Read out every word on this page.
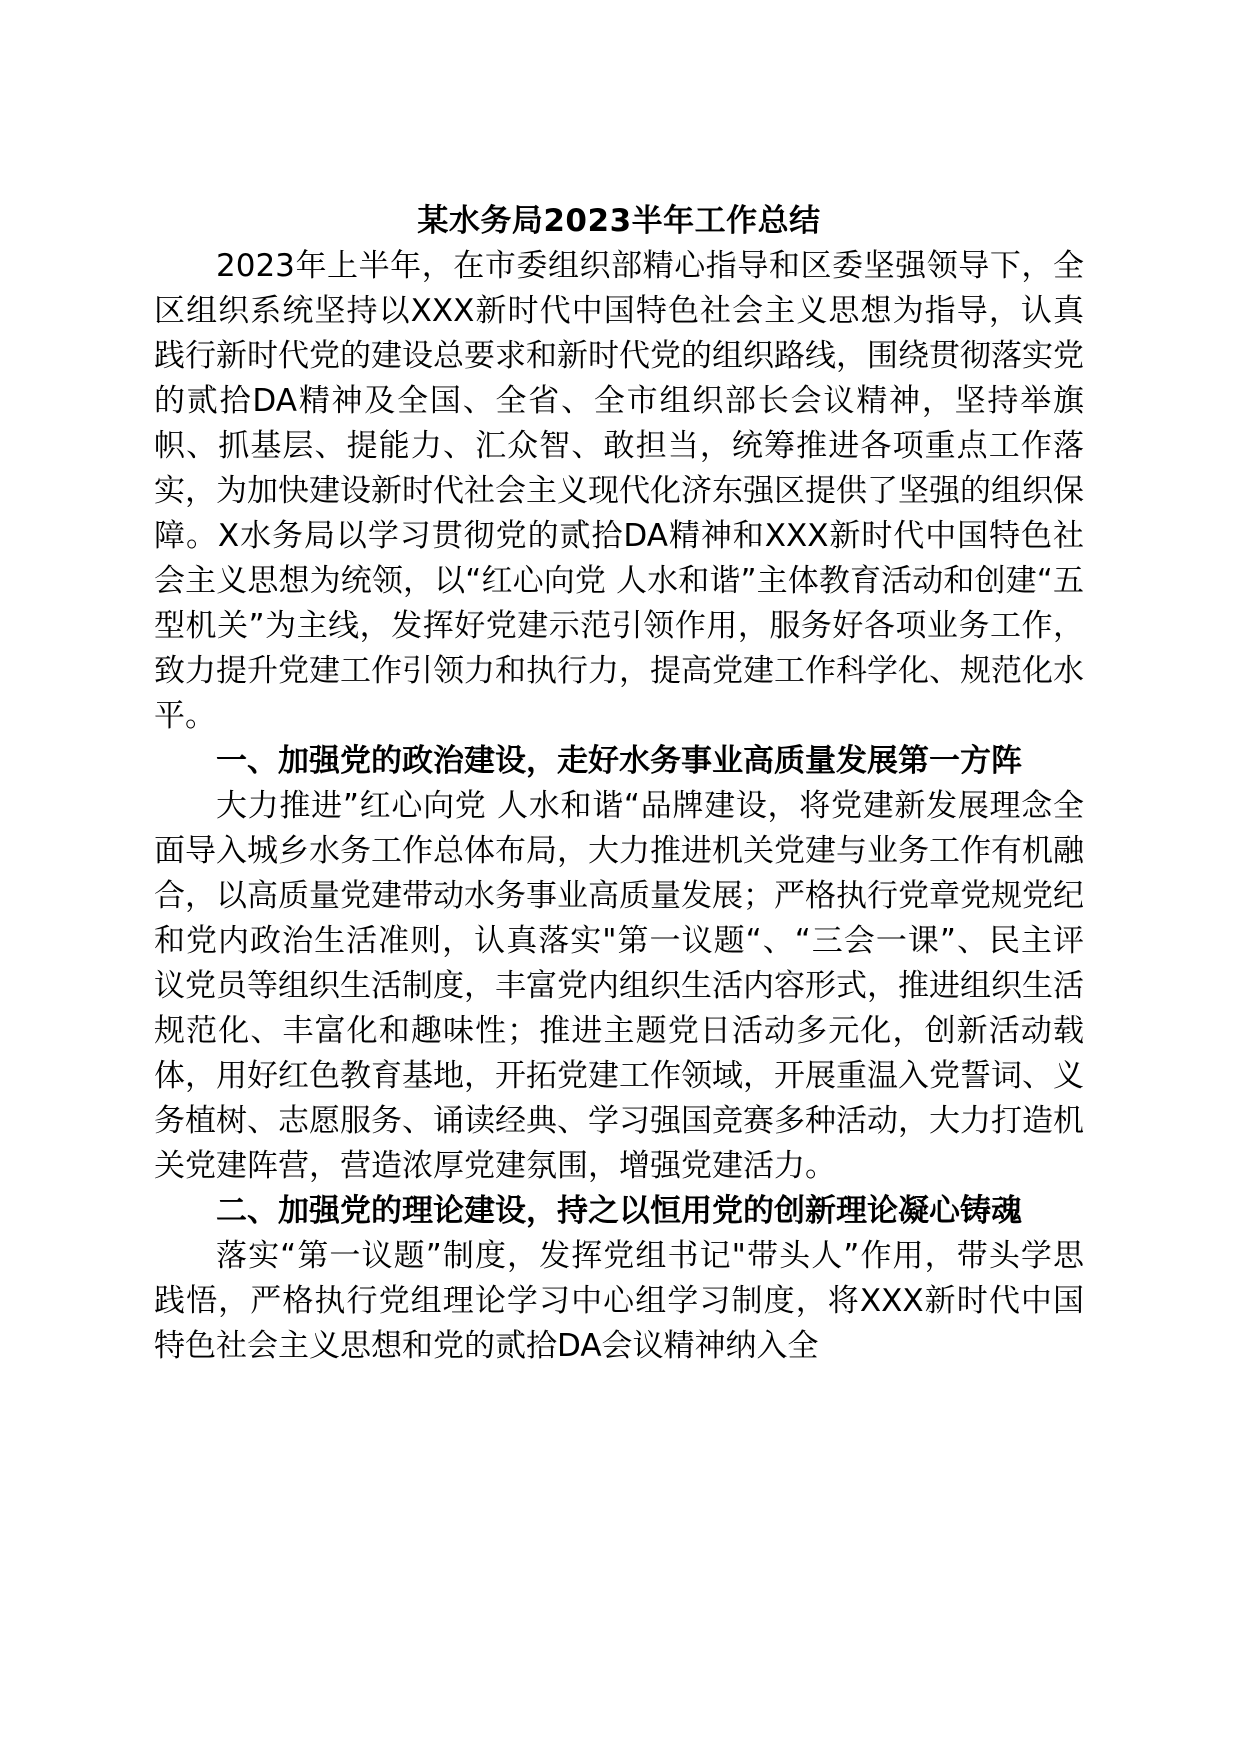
某水务局2023半年工作总结

2023年上半年，在市委组织部精心指导和区委坚强领导下，全区组织系统坚持以XXX新时代中国特色社会主义思想为指导，认真践行新时代党的建设总要求和新时代党的组织路线，围绕贯彻落实党的贰拾DA精神及全国、全省、全市组织部长会议精神，坚持举旗帜、抓基层、提能力、汇众智、敢担当，统筹推进各项重点工作落实，为加快建设新时代社会主义现代化济东强区提供了坚强的组织保障。X水务局以学习贯彻党的贰拾DA精神和XXX新时代中国特色社会主义思想为统领，以“红心向党 人水和谐”主体教育活动和创建“五型机关”为主线，发挥好党建示范引领作用，服务好各项业务工作，致力提升党建工作引领力和执行力，提高党建工作科学化、规范化水平。

一、加强党的政治建设，走好水务事业高质量发展第一方阵

大力推进”红心向党 人水和谐“品牌建设，将党建新发展理念全面导入城乡水务工作总体布局，大力推进机关党建与业务工作有机融合，以高质量党建带动水务事业高质量发展；严格执行党章党规党纪和党内政治生活准则，认真落实"第一议题“、“三会一课”、民主评议党员等组织生活制度，丰富党内组织生活内容形式，推进组织生活规范化、丰富化和趣味性；推进主题党日活动多元化，创新活动载体，用好红色教育基地，开拓党建工作领域，开展重温入党誓词、义务植树、志愿服务、诵读经典、学习强国竞赛多种活动，大力打造机关党建阵营，营造浓厚党建氛围，增强党建活力。

二、加强党的理论建设，持之以恒用党的创新理论凝心铸魂

落实“第一议题”制度，发挥党组书记"带头人”作用，带头学思践悟，严格执行党组理论学习中心组学习制度，将XXX新时代中国特色社会主义思想和党的贰拾DA会议精神纳入全
